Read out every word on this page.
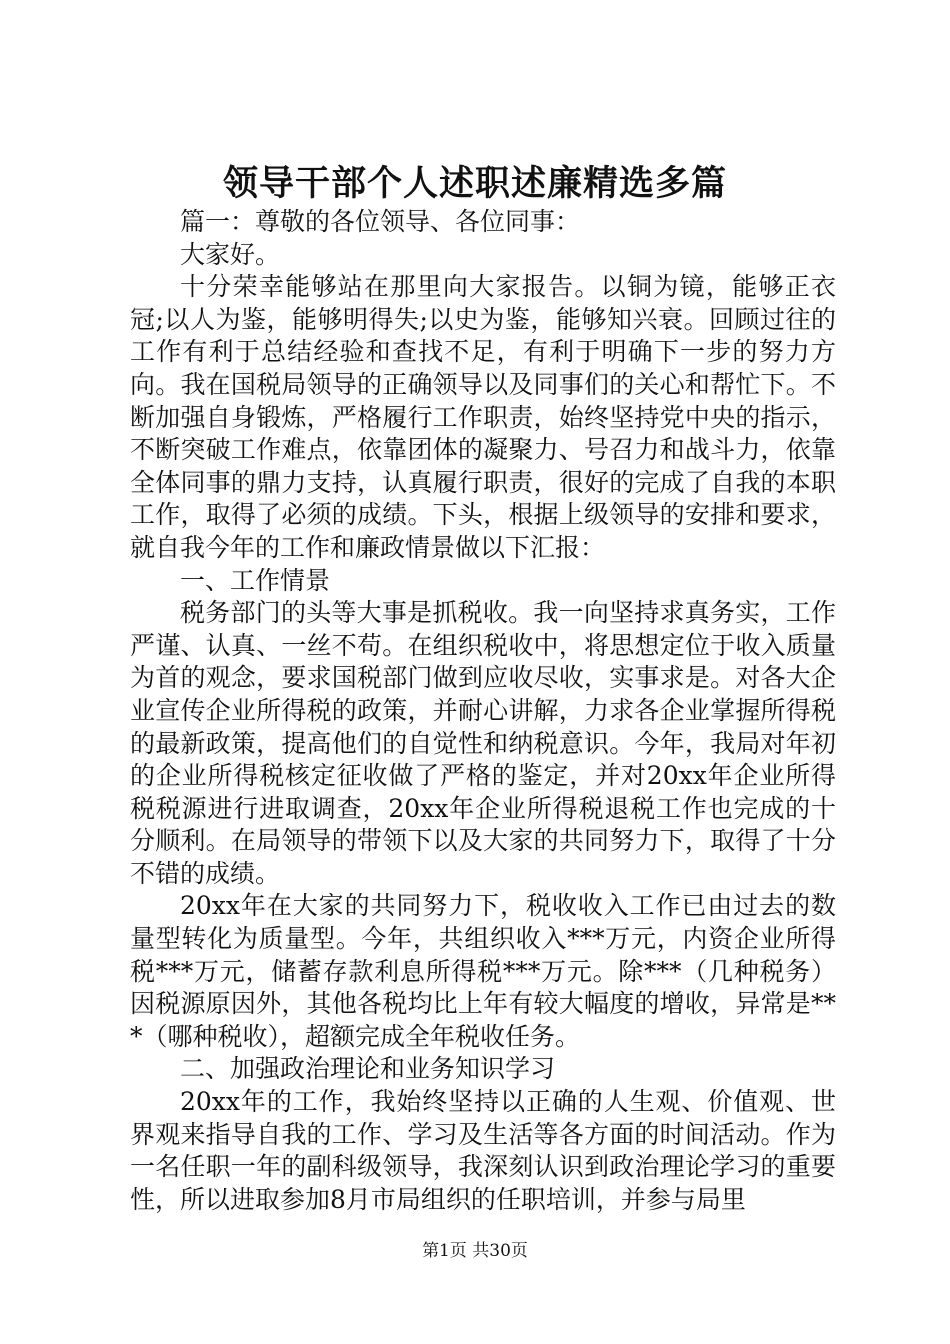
领导干部个人述职述廉精选多篇

篇一：尊敬的各位领导、各位同事：

大家好。

十分荣幸能够站在那里向大家报告。以铜为镜，能够正衣冠;以人为鉴，能够明得失;以史为鉴，能够知兴衰。回顾过往的工作有利于总结经验和查找不足，有利于明确下一步的努力方向。我在国税局领导的正确领导以及同事们的关心和帮忙下。不断加强自身锻炼，严格履行工作职责，始终坚持党中央的指示，不断突破工作难点，依靠团体的凝聚力、号召力和战斗力，依靠全体同事的鼎力支持，认真履行职责，很好的完成了自我的本职工作，取得了必须的成绩。下头，根据上级领导的安排和要求，就自我今年的工作和廉政情景做以下汇报：

一、工作情景

税务部门的头等大事是抓税收。我一向坚持求真务实，工作严谨、认真、一丝不苟。在组织税收中，将思想定位于收入质量为首的观念，要求国税部门做到应收尽收，实事求是。对各大企业宣传企业所得税的政策，并耐心讲解，力求各企业掌握所得税的最新政策，提高他们的自觉性和纳税意识。今年，我局对年初的企业所得税核定征收做了严格的鉴定，并对20xx年企业所得税税源进行进取调查，20xx年企业所得税退税工作也完成的十分顺利。在局领导的带领下以及大家的共同努力下，取得了十分不错的成绩。

20xx年在大家的共同努力下，税收收入工作已由过去的数量型转化为质量型。今年，共组织收入***万元，内资企业所得税***万元，储蓄存款利息所得税***万元。除***（几种税务）因税源原因外，其他各税均比上年有较大幅度的增收，异常是***（哪种税收），超额完成全年税收任务。

二、加强政治理论和业务知识学习

20xx年的工作，我始终坚持以正确的人生观、价值观、世界观来指导自我的工作、学习及生活等各方面的时间活动。作为一名任职一年的副科级领导，我深刻认识到政治理论学习的重要性，所以进取参加8月市局组织的任职培训，并参与局里

第1页 共30页
